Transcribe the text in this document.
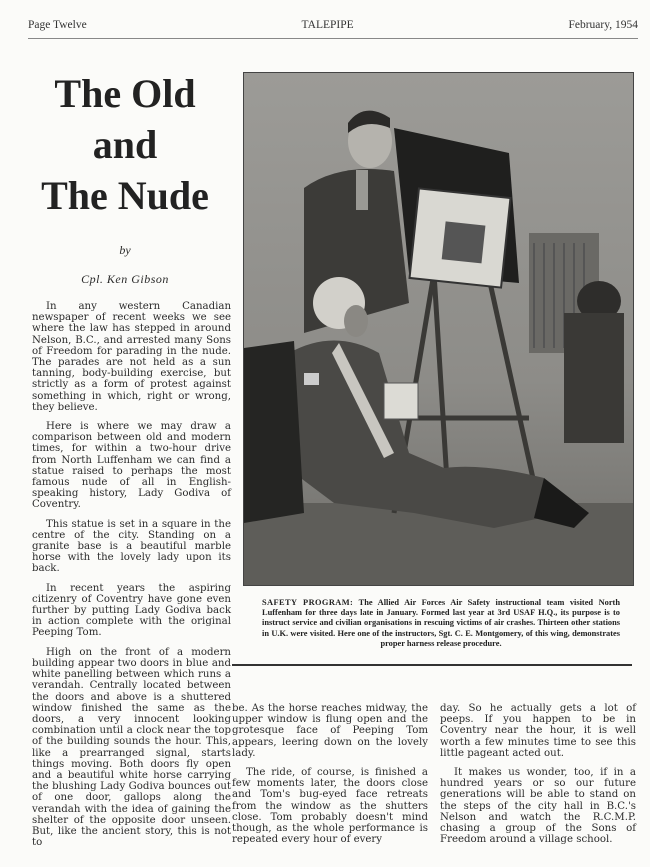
Page Twelve	TALEPIPE	February, 1954
The Old
and
The Nude
by
Cpl. Ken Gibson

In any western Canadian newspaper of recent weeks we see where the law has stepped in around Nelson, B.C., and arrested many Sons of Freedom for parading in the nude. The parades are not held as a sun tanning, body-building exercise, but strictly as a form of protest against something in which, right or wrong, they believe.

Here is where we may draw a comparison between old and modern times, for within a two-hour drive from North Luffenham we can find a statue raised to perhaps the most famous nude of all in English-speaking history, Lady Godiva of Coventry.

This statue is set in a square in the centre of the city. Standing on a granite base is a beautiful marble horse with the lovely lady upon its back.

In recent years the aspiring citizenry of Coventry have gone even further by putting Lady Godiva back in action complete with the original Peeping Tom.

High on the front of a modern building appear two doors in blue and white panelling between which runs a verandah. Centrally located between the doors and above is a shuttered window finished the same as the doors, a very innocent looking combination until a clock near the top of the building sounds the hour. This, like a prearranged signal, starts things moving. Both doors fly open and a beautiful white horse carrying the blushing Lady Godiva bounces out of one door, gallops along the verandah with the idea of gaining the shelter of the opposite door unseen. But, like the ancient story, this is not to

SAFETY PROGRAM: The Allied Air Forces Air Safety instructional team visited North Luffenham for three days late in January. Formed last year at 3rd USAF H.Q., its purpose is to instruct service and civilian organisations in rescuing victims of air crashes. Thirteen other stations in U.K. were visited. Here one of the instructors, Sgt. C. E. Montgomery, of this wing, demonstrates proper harness release procedure.

be. As the horse reaches midway, the upper window is flung open and the grotesque face of Peeping Tom appears, leering down on the lovely lady.

The ride, of course, is finished a few moments later, the doors close and Tom's bug-eyed face retreats from the window as the shutters close. Tom probably doesn't mind though, as the whole performance is repeated every hour of every

day. So he actually gets a lot of peeps. If you happen to be in Coventry near the hour, it is well worth a few minutes time to see this little pageant acted out.

It makes us wonder, too, if in a hundred years or so our future generations will be able to stand on the steps of the city hall in B.C.'s Nelson and watch the R.C.M.P. chasing a group of the Sons of Freedom around a village school.
